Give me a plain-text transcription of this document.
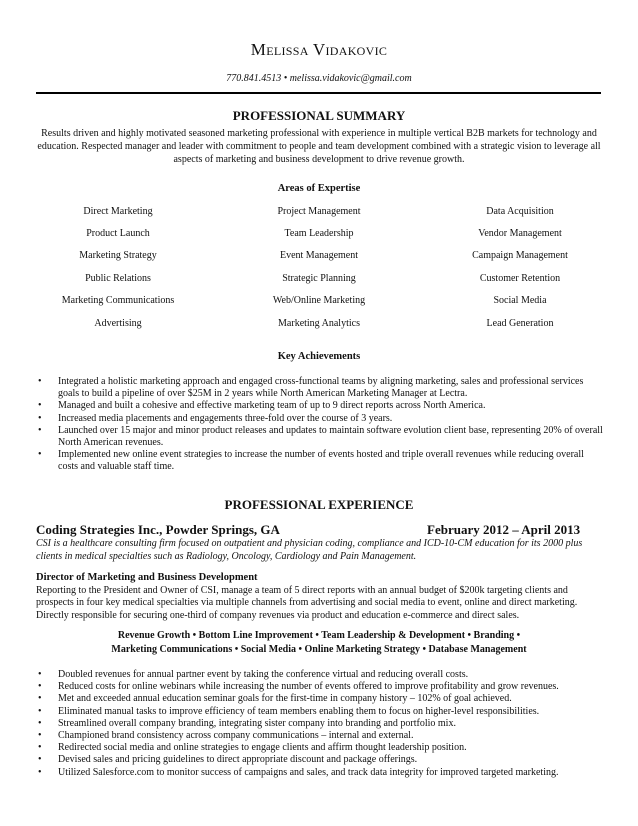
Melissa Vidakovic
770.841.4513 • melissa.vidakovic@gmail.com
PROFESSIONAL SUMMARY
Results driven and highly motivated seasoned marketing professional with experience in multiple vertical B2B markets for technology and education. Respected manager and leader with commitment to people and team development combined with a strategic vision to leverage all aspects of marketing and business development to drive revenue growth.
Areas of Expertise
Direct Marketing	Project Management	Data Acquisition
Product Launch	Team Leadership	Vendor Management
Marketing Strategy	Event Management	Campaign Management
Public Relations	Strategic Planning	Customer Retention
Marketing Communications	Web/Online Marketing	Social Media
Advertising	Marketing Analytics	Lead Generation
Key Achievements
• Integrated a holistic marketing approach and engaged cross-functional teams by aligning marketing, sales and professional services goals to build a pipeline of over $25M in 2 years while North American Marketing Manager at Lectra.
• Managed and built a cohesive and effective marketing team of up to 9 direct reports across North America.
• Increased media placements and engagements three-fold over the course of 3 years.
• Launched over 15 major and minor product releases and updates to maintain software evolution client base, representing 20% of overall North American revenues.
• Implemented new online event strategies to increase the number of events hosted and triple overall revenues while reducing overall costs and valuable staff time.
PROFESSIONAL EXPERIENCE
Coding Strategies Inc., Powder Springs, GA	February 2012 – April 2013
CSI is a healthcare consulting firm focused on outpatient and physician coding, compliance and ICD-10-CM education for its 2000 plus clients in medical specialties such as Radiology, Oncology, Cardiology and Pain Management.
Director of Marketing and Business Development
Reporting to the President and Owner of CSI, manage a team of 5 direct reports with an annual budget of $200k targeting clients and prospects in four key medical specialties via multiple channels from advertising and social media to event, online and direct marketing. Directly responsible for securing one-third of company revenues via product and education e-commerce and direct sales.
Revenue Growth • Bottom Line Improvement • Team Leadership & Development • Branding •
Marketing Communications • Social Media • Online Marketing Strategy • Database Management
• Doubled revenues for annual partner event by taking the conference virtual and reducing overall costs.
• Reduced costs for online webinars while increasing the number of events offered to improve profitability and grow revenues.
• Met and exceeded annual education seminar goals for the first-time in company history – 102% of goal achieved.
• Eliminated manual tasks to improve efficiency of team members enabling them to focus on higher-level responsibilities.
• Streamlined overall company branding, integrating sister company into branding and portfolio mix.
• Championed brand consistency across company communications – internal and external.
• Redirected social media and online strategies to engage clients and affirm thought leadership position.
• Devised sales and pricing guidelines to direct appropriate discount and package offerings.
• Utilized Salesforce.com to monitor success of campaigns and sales, and track data integrity for improved targeted marketing.
